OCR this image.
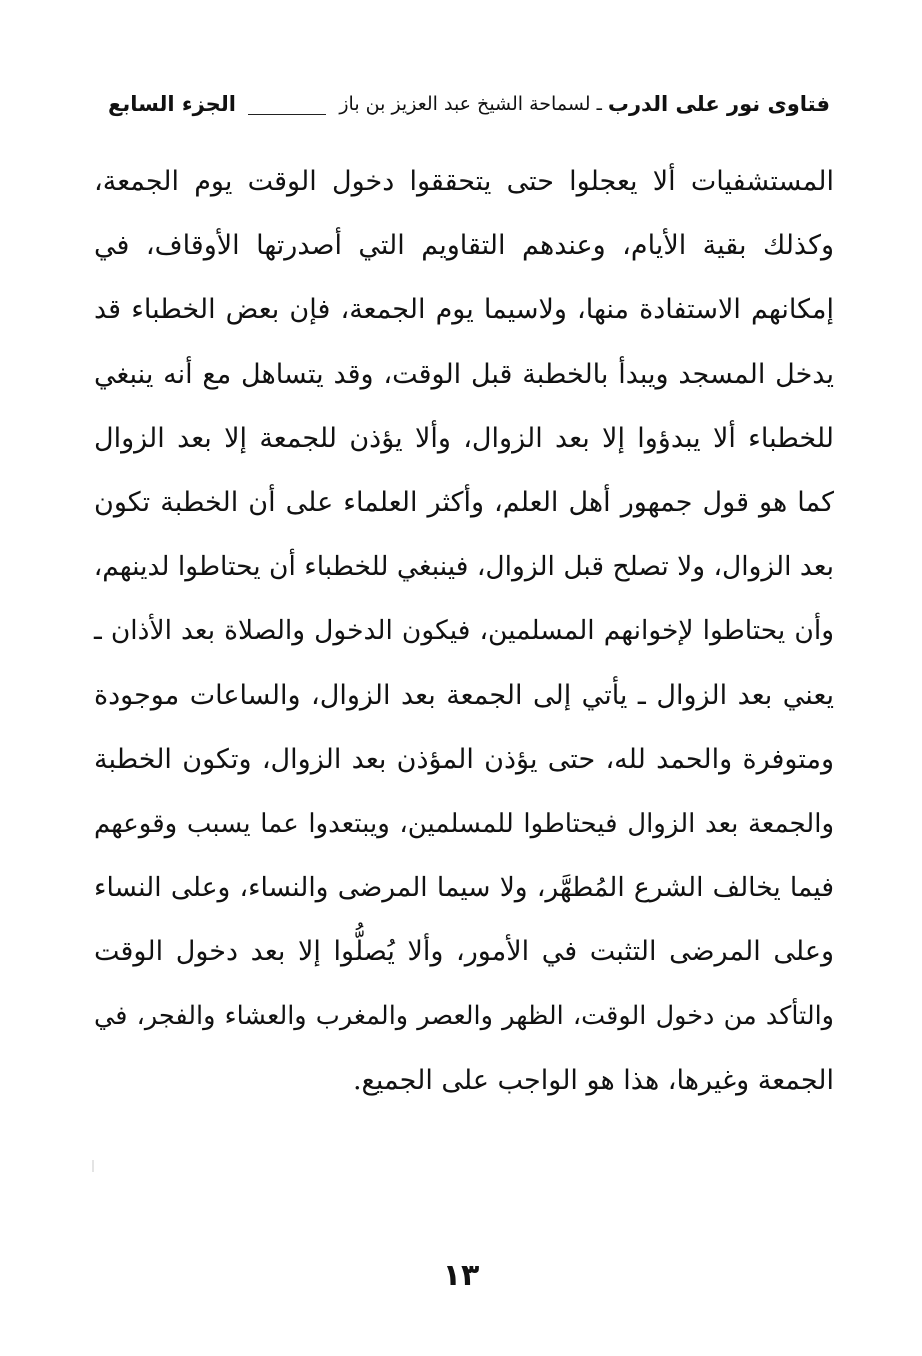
فتاوى نور على الدرب
ـ
لسماحة الشيخ عبد العزيز بن باز
الجزء السابع
المستشفيات ألا يعجلوا حتى يتحققوا دخول الوقت يوم الجمعة،
وكذلك بقية الأيام، وعندهم التقاويم التي أصدرتها الأوقاف، في
إمكانهم الاستفادة منها، ولاسيما يوم الجمعة، فإن بعض الخطباء قد
يدخل المسجد ويبدأ بالخطبة قبل الوقت، وقد يتساهل مع أنه ينبغي
للخطباء ألا يبدؤوا إلا بعد الزوال، وألا يؤذن للجمعة إلا بعد الزوال
كما هو قول جمهور أهل العلم، وأكثر العلماء على أن الخطبة تكون
بعد الزوال، ولا تصلح قبل الزوال، فينبغي للخطباء أن يحتاطوا لدينهم،
وأن يحتاطوا لإخوانهم المسلمين، فيكون الدخول والصلاة بعد الأذان ـ
يعني بعد الزوال ـ يأتي إلى الجمعة بعد الزوال، والساعات موجودة
ومتوفرة والحمد لله، حتى يؤذن المؤذن بعد الزوال، وتكون الخطبة
والجمعة بعد الزوال فيحتاطوا للمسلمين، ويبتعدوا عما يسبب وقوعهم
فيما يخالف الشرع المُطهَّر، ولا سيما المرضى والنساء، وعلى النساء
وعلى المرضى التثبت في الأمور، وألا يُصلُّوا إلا بعد دخول الوقت
والتأكد من دخول الوقت، الظهر والعصر والمغرب والعشاء والفجر، في
الجمعة وغيرها، هذا هو الواجب على الجميع.
١٣
